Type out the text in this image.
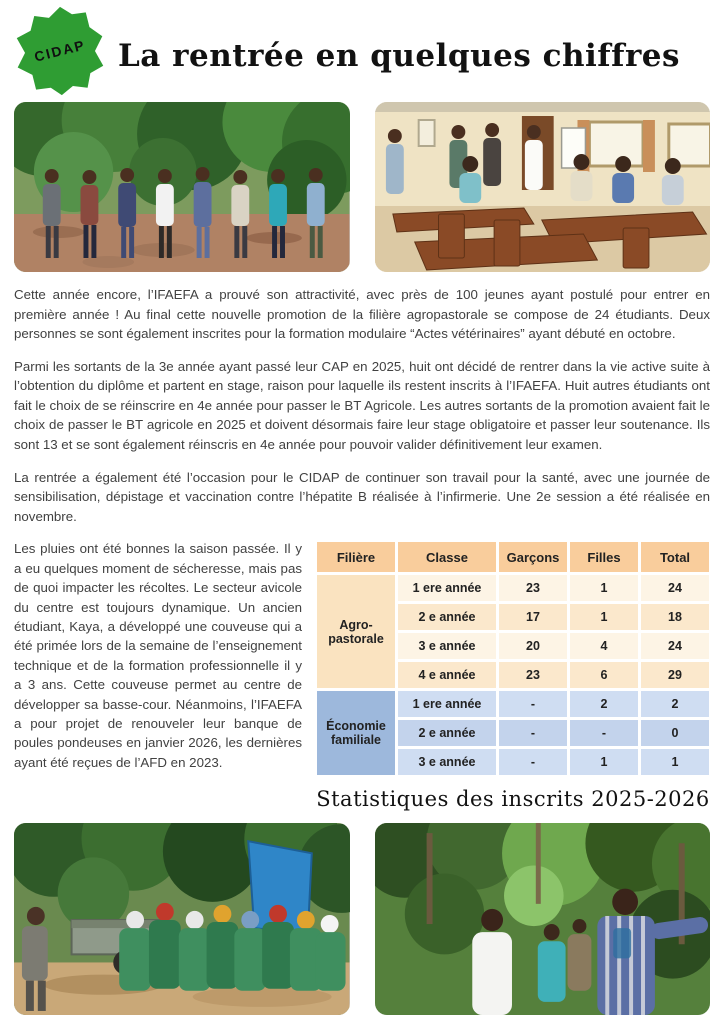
CIDAP La rentrée en quelques chiffres

Cette année encore, l’IFAEFA a prouvé son attractivité, avec près de 100 jeunes ayant postulé pour entrer en première année ! Au final cette nouvelle promotion de la filière agropastorale se compose de 24 étudiants. Deux personnes se sont également inscrites pour la formation modulaire “Actes vétérinaires” ayant débuté en octobre.

Parmi les sortants de la 3e année ayant passé leur CAP en 2025, huit ont décidé de rentrer dans la vie active suite à l’obtention du diplôme et partent en stage, raison pour laquelle ils restent inscrits à l’IFAEFA. Huit autres étudiants ont fait le choix de se réinscrire en 4e année pour passer le BT Agricole. Les autres sortants de la promotion avaient fait le choix de passer le BT agricole en 2025 et doivent désormais faire leur stage obligatoire et passer leur soutenance. Ils sont 13 et se sont également réinscris en 4e année pour pouvoir valider définitivement leur examen.

La rentrée a également été l’occasion pour le CIDAP de continuer son travail pour la santé, avec une journée de sensibilisation, dépistage et vaccination contre l’hépatite B réalisée à l’infirmerie. Une 2e session a été réalisée en novembre.

Les pluies ont été bonnes la saison passée. Il y a eu quelques moment de sécheresse, mais pas de quoi impacter les récoltes. Le secteur avicole du centre est toujours dynamique. Un ancien étudiant, Kaya, a développé une couveuse qui a été primée lors de la semaine de l’enseignement technique et de la formation professionnelle il y a 3 ans. Cette couveuse permet au centre de développer sa basse-cour. Néanmoins, l’IFAEFA a pour projet de renouveler leur banque de poules pondeuses en janvier 2026, les dernières ayant été reçues de l’AFD en 2023.
Filière	Classe	Garçons	Filles	Total
Agro-pastorale	1 ere année	23	1	24
	2 e année	17	1	18
	3 e année	20	4	24
	4 e année	23	6	29
Économie familiale	1 ere année	-	2	2
	2 e année	-	-	0
	3 e année	-	1	1
Statistiques des inscrits 2025-2026
